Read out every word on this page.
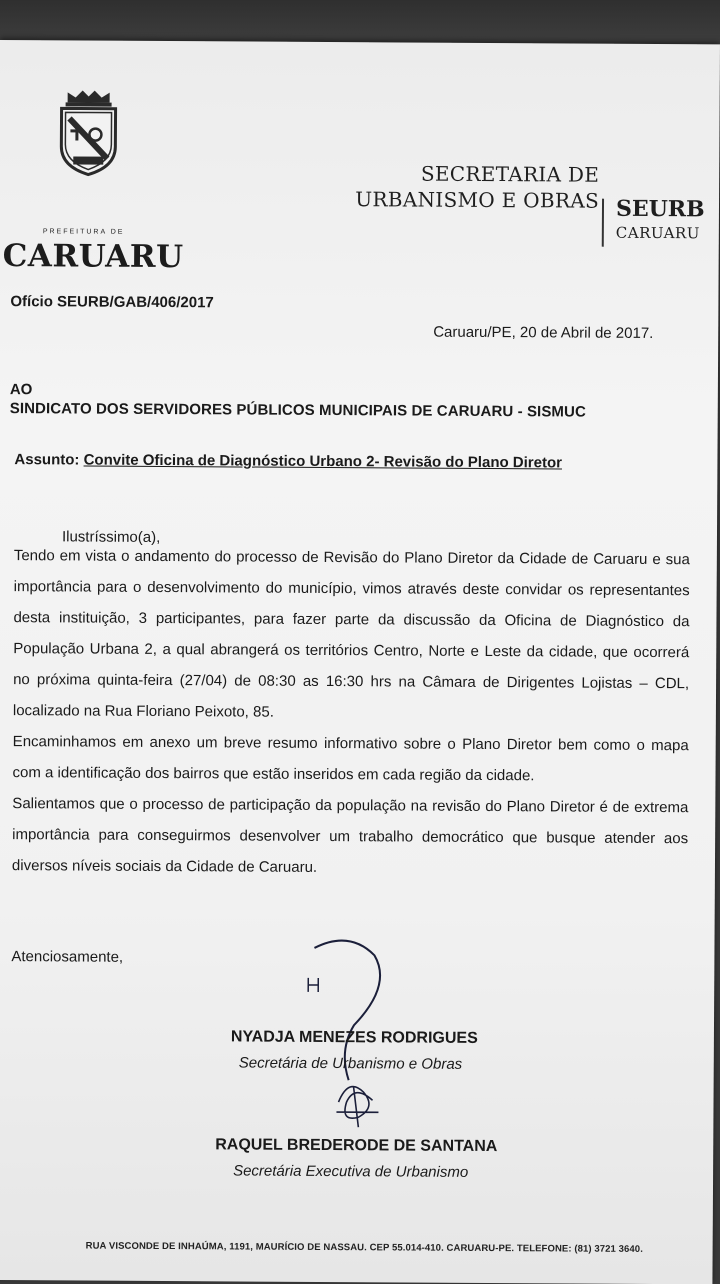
PREFEITURA DE
CARUARU
SECRETARIA DE
URBANISMO E OBRAS SEURB
CARUARU
Ofício SEURB/GAB/406/2017
Caruaru/PE, 20 de Abril de 2017.
AO
SINDICATO DOS SERVIDORES PÚBLICOS MUNICIPAIS DE CARUARU - SISMUC
Assunto: Convite Oficina de Diagnóstico Urbano 2- Revisão do Plano Diretor
Ilustríssimo(a),

Tendo em vista o andamento do processo de Revisão do Plano Diretor da Cidade de Caruaru e sua importância para o desenvolvimento do município, vimos através deste convidar os representantes desta instituição, 3 participantes, para fazer parte da discussão da Oficina de Diagnóstico da População Urbana 2, a qual abrangerá os territórios Centro, Norte e Leste da cidade, que ocorrerá no próxima quinta-feira (27/04) de 08:30 as 16:30 hrs na Câmara de Dirigentes Lojistas – CDL, localizado na Rua Floriano Peixoto, 85.

Encaminhamos em anexo um breve resumo informativo sobre o Plano Diretor bem como o mapa com a identificação dos bairros que estão inseridos em cada região da cidade.

Salientamos que o processo de participação da população na revisão do Plano Diretor é de extrema importância para conseguirmos desenvolver um trabalho democrático que busque atender aos diversos níveis sociais da Cidade de Caruaru.

Atenciosamente,
NYADJA MENEZES RODRIGUES
Secretária de Urbanismo e Obras
RAQUEL BREDERODE DE SANTANA
Secretária Executiva de Urbanismo
RUA VISCONDE DE INHAÚMA, 1191, MAURÍCIO DE NASSAU. CEP 55.014-410. CARUARU-PE. TELEFONE: (81) 3721 3640.
